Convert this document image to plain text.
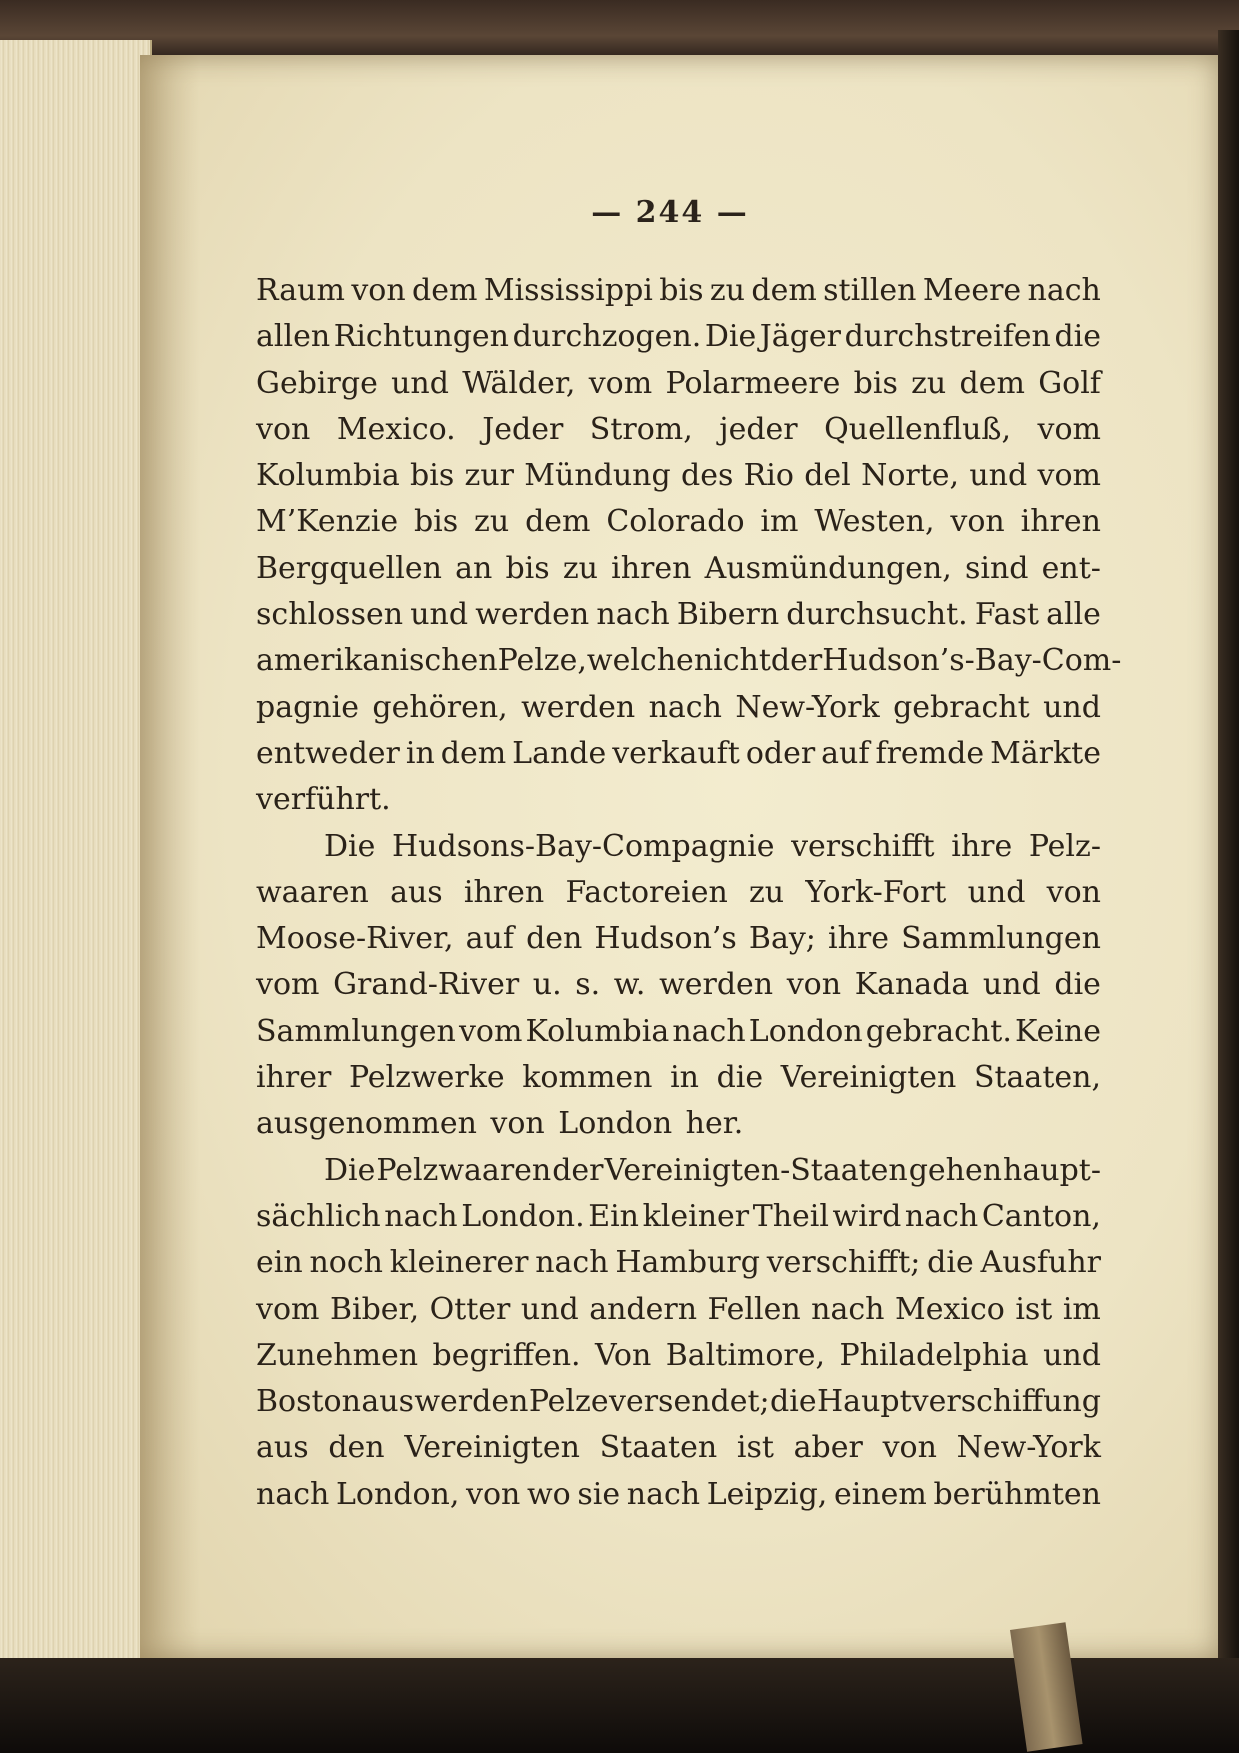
— 244 —
Raum von dem Mississippi bis zu dem stillen Meere nach
allen Richtungen durchzogen. Die Jäger durchstreifen die
Gebirge und Wälder, vom Polarmeere bis zu dem Golf
von Mexico. Jeder Strom, jeder Quellenfluß, vom
Kolumbia bis zur Mündung des Rio del Norte, und vom
M’Kenzie bis zu dem Colorado im Westen, von ihren
Bergquellen an bis zu ihren Ausmündungen, sind ent-
schlossen und werden nach Bibern durchsucht. Fast alle
amerikanischen Pelze, welche nicht der Hudson’s-Bay-Com-
pagnie gehören, werden nach New-York gebracht und
entweder in dem Lande verkauft oder auf fremde Märkte
verführt.
Die Hudsons-Bay-Compagnie verschifft ihre Pelz-
waaren aus ihren Factoreien zu York-Fort und von
Moose-River, auf den Hudson’s Bay; ihre Sammlungen
vom Grand-River u. s. w. werden von Kanada und die
Sammlungen vom Kolumbia nach London gebracht. Keine
ihrer Pelzwerke kommen in die Vereinigten Staaten,
ausgenommen von London her.
Die Pelzwaaren der Vereinigten-Staaten gehen haupt-
sächlich nach London. Ein kleiner Theil wird nach Canton,
ein noch kleinerer nach Hamburg verschifft; die Ausfuhr
vom Biber, Otter und andern Fellen nach Mexico ist im
Zunehmen begriffen. Von Baltimore, Philadelphia und
Boston aus werden Pelze versendet; die Hauptverschiffung
aus den Vereinigten Staaten ist aber von New-York
nach London, von wo sie nach Leipzig, einem berühmten
